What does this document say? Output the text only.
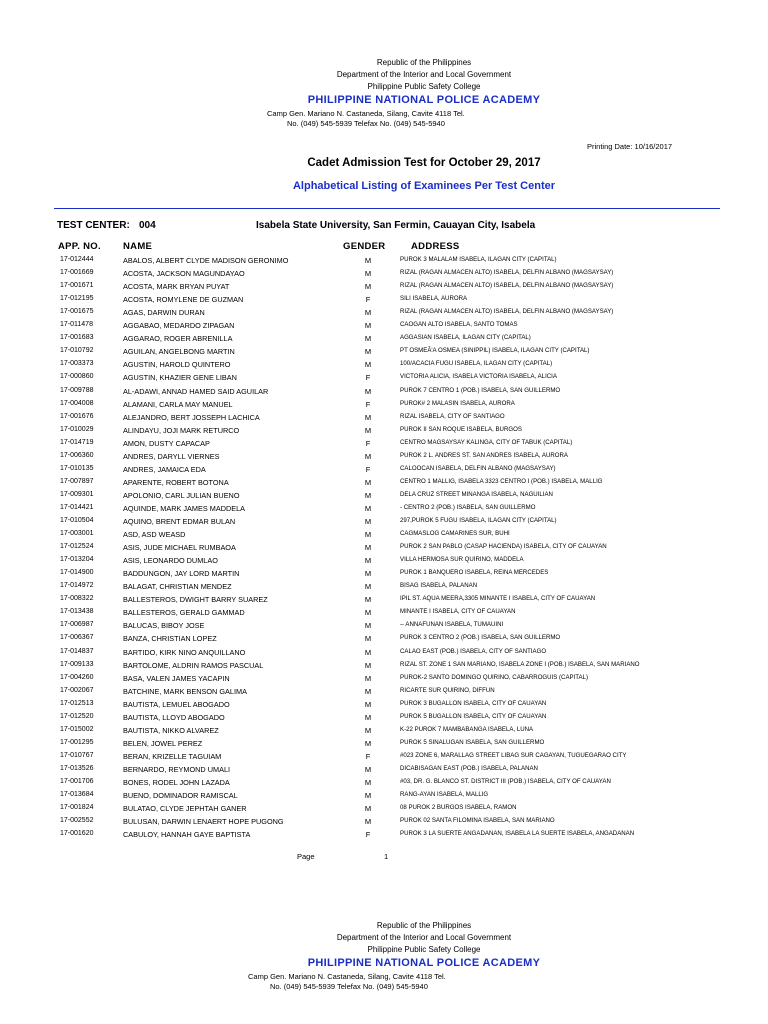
Republic of the Philippines
Department of the Interior and Local Government
Philippine Public Safety College
PHILIPPINE NATIONAL POLICE ACADEMY
Camp Gen. Mariano N. Castaneda, Silang, Cavite 4118 Tel.
No. (049) 545-5939 Telefax No. (049) 545-5940
Printing Date: 10/16/2017
Cadet Admission Test for October 29, 2017
Alphabetical Listing of Examinees Per Test Center
TEST CENTER: 004	Isabela State University, San Fermin, Cauayan City, Isabela
APP. NO. NAME	GENDER	ADDRESS
17-012444	ABALOS, ALBERT CLYDE MADISON GERONIMO	M	PUROK 3 MALALAM ISABELA, ILAGAN CITY (CAPITAL)
17-001669	ACOSTA, JACKSON MAGUNDAYAO	M	RIZAL (RAGAN ALMACEN ALTO) ISABELA, DELFIN ALBANO (MAGSAYSAY)
17-001671	ACOSTA, MARK BRYAN PUYAT	M	RIZAL (RAGAN ALMACEN ALTO) ISABELA, DELFIN ALBANO (MAGSAYSAY)
17-012195	ACOSTA, ROMYLENE DE GUZMAN	F	SILI ISABELA, AURORA
17-001675	AGAS, DARWIN DURAN	M	RIZAL (RAGAN ALMACEN ALTO) ISABELA, DELFIN ALBANO (MAGSAYSAY)
17-011478	AGGABAO, MEDARDO ZIPAGAN	M	CAOGAN ALTO ISABELA, SANTO TOMAS
17-001683	AGGARAO, ROGER ABRENILLA	M	AGGASIAN ISABELA, ILAGAN CITY (CAPITAL)
17-010792	AGUILAN, ANGELBONG MARTIN	M	PT OSMEÃ'A OSMEA (SINIPPIL) ISABELA, ILAGAN CITY (CAPITAL)
17-003373	AGUSTIN, HAROLD QUINTERO	M	100/ACACIA FUGU ISABELA, ILAGAN CITY (CAPITAL)
17-000860	AGUSTIN, KHAZIER GENE LIBAN	F	VICTORIA ALICIA, ISABELA VICTORIA ISABELA, ALICIA
17-009788	AL-ADAWI, ANNAD HAMED SAID AGUILAR	M	PUROK 7 CENTRO 1 (POB.) ISABELA, SAN GUILLERMO
17-004008	ALAMANI, CARLA MAY MANUEL	F	PUROK# 2 MALASIN ISABELA, AURORA
17-001676	ALEJANDRO, BERT JOSSEPH LACHICA	M	RIZAL ISABELA, CITY OF SANTIAGO
17-010029	ALINDAYU, JOJI MARK RETURCO	M	PUROK II SAN ROQUE ISABELA, BURGOS
17-014719	AMON, DUSTY CAPACAP	F	CENTRO MAGSAYSAY KALINGA, CITY OF TABUK (CAPITAL)
17-006360	ANDRES, DARYLL VIERNES	M	PUROK 2 L. ANDRES ST. SAN ANDRES ISABELA, AURORA
17-010135	ANDRES, JAMAICA EDA	F	CALOOCAN ISABELA, DELFIN ALBANO (MAGSAYSAY)
17-007897	APARENTE, ROBERT BOTONA	M	CENTRO 1 MALLIG, ISABELA 3323 CENTRO I (POB.) ISABELA, MALLIG
17-009301	APOLONIO, CARL JULIAN BUENO	M	DELA CRUZ STREET MINANGA ISABELA, NAGUILIAN
17-014421	AQUINDE, MARK JAMES MADDELA	M	- CENTRO 2 (POB.) ISABELA, SAN GUILLERMO
17-010504	AQUINO, BRENT EDMAR BULAN	M	297,PUROK 5 FUGU ISABELA, ILAGAN CITY (CAPITAL)
17-003001	ASD, ASD WEASD	M	CAGMASLOG CAMARINES SUR, BUHI
17-012524	ASIS, JUDE MICHAEL RUMBAOA	M	PUROK 2 SAN PABLO (CASAP HACIENDA) ISABELA, CITY OF CAUAYAN
17-013204	ASIS, LEONARDO DUMLAO	M	VILLA HERMOSA SUR QUIRINO, MADDELA
17-014900	BADDUNGON, JAY LORD MARTIN	M	PUROK 1 BANQUERO ISABELA, REINA MERCEDES
17-014972	BALAGAT, CHRISTIAN MENDEZ	M	BISAG ISABELA, PALANAN
17-008322	BALLESTEROS, DWIGHT BARRY SUAREZ	M	IPIL ST. AQUA MEERA,3305 MINANTE I ISABELA, CITY OF CAUAYAN
17-013438	BALLESTEROS, GERALD GAMMAD	M	MINANTE I ISABELA, CITY OF CAUAYAN
17-006987	BALUCAS, BIBOY JOSE	M	-- ANNAFUNAN ISABELA, TUMAUINI
17-006367	BANZA, CHRISTIAN LOPEZ	M	PUROK 3 CENTRO 2 (POB.) ISABELA, SAN GUILLERMO
17-014837	BARTIDO, KIRK NINO ANQUILLANO	M	CALAO EAST (POB.) ISABELA, CITY OF SANTIAGO
17-009133	BARTOLOME, ALDRIN RAMOS PASCUAL	M	RIZAL ST. ZONE 1 SAN MARIANO, ISABELA ZONE I (POB.) ISABELA, SAN MARIANO
17-004260	BASA, VALEN JAMES YACAPIN	M	PUROK-2 SANTO DOMINGO QUIRINO, CABARROGUIS (CAPITAL)
17-002067	BATCHINE, MARK BENSON GALIMA	M	RICARTE SUR QUIRINO, DIFFUN
17-012513	BAUTISTA, LEMUEL ABOGADO	M	PUROK 3 BUGALLON ISABELA, CITY OF CAUAYAN
17-012520	BAUTISTA, LLOYD ABOGADO	M	PUROK 5 BUGALLON ISABELA, CITY OF CAUAYAN
17-015002	BAUTISTA, NIKKO ALVAREZ	M	K-22 PUROK 7 MAMBABANGA ISABELA, LUNA
17-001295	BELEN, JOWEL PEREZ	M	PUROK 5 SINALUGAN ISABELA, SAN GUILLERMO
17-010767	BERAN, KRIZELLE TAGUIAM	F	#023 ZONE 6, MARALLAG STREET LIBAG SUR CAGAYAN, TUGUEGARAO CITY
17-013526	BERNARDO, REYMOND UMALI	M	DICABISAGAN EAST (POB.) ISABELA, PALANAN
17-001706	BONES, RODEL JOHN LAZADA	M	#03, DR. G. BLANCO ST. DISTRICT III (POB.) ISABELA, CITY OF CAUAYAN
17-013684	BUENO, DOMINADOR RAMISCAL	M	RANG-AYAN ISABELA, MALLIG
17-001824	BULATAO, CLYDE JEPHTAH GANER	M	08 PUROK 2 BURGOS ISABELA, RAMON
17-002552	BULUSAN, DARWIN LENAERT HOPE PUGONG	M	PUROK 02 SANTA FILOMINA ISABELA, SAN MARIANO
17-001620	CABULOY, HANNAH GAYE BAPTISTA	F	PUROK 3 LA SUERTE ANGADANAN, ISABELA LA SUERTE ISABELA, ANGADANAN
Page	1
Republic of the Philippines
Department of the Interior and Local Government
Philippine Public Safety College
PHILIPPINE NATIONAL POLICE ACADEMY
Camp Gen. Mariano N. Castaneda, Silang, Cavite 4118 Tel.
No. (049) 545-5939 Telefax No. (049) 545-5940
